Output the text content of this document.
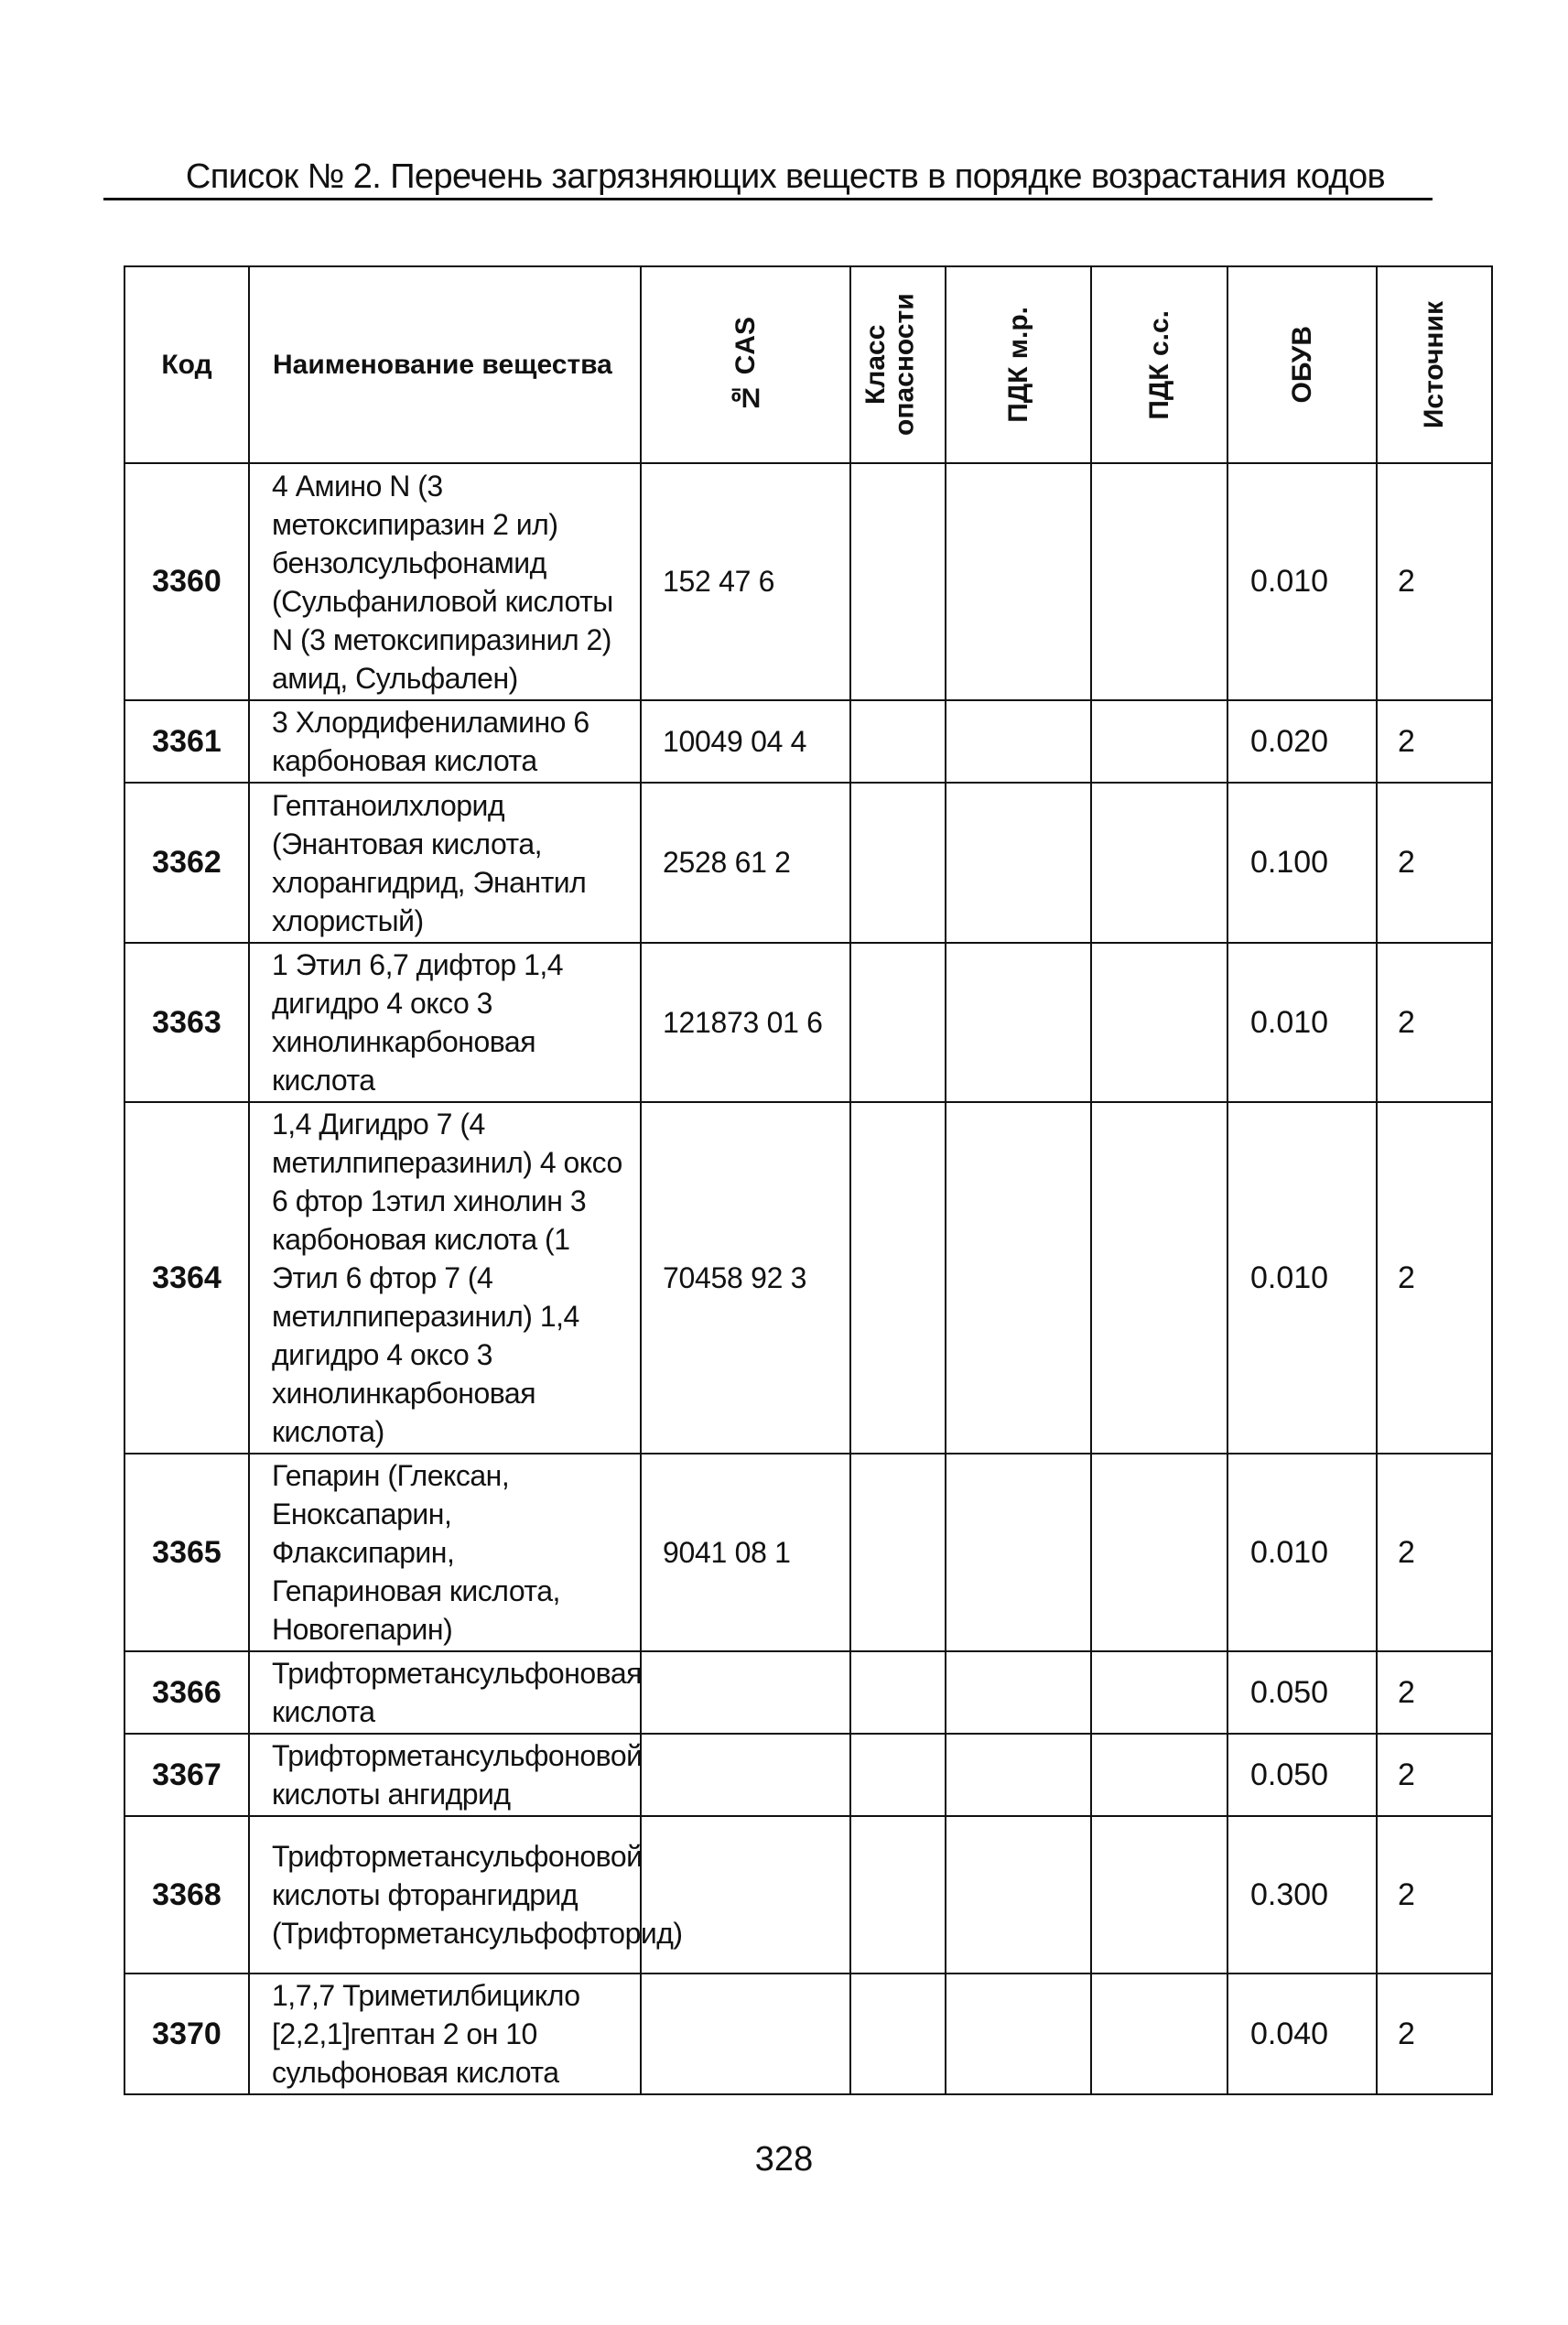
Список № 2. Перечень загрязняющих веществ в порядке возрастания кодов
Код	Наименование вещества	№ CAS	Класс опасности	ПДК м.р.	ПДК с.с.	ОБУВ	Источник

3360	4 Амино N (3 метоксипиразин 2 ил) бензолсульфонамид (Сульфаниловой кислоты N (3 метоксипиразинил 2) амид, Сульфален)	152 47 6				0.010	2
3361	3 Хлордифениламино 6 карбоновая кислота	10049 04 4				0.020	2
3362	Гептаноилхлорид (Энантовая кислота, хлорангидрид, Энантил хлористый)	2528 61 2				0.100	2
3363	1 Этил 6,7 дифтор 1,4 дигидро 4 оксо 3 хинолинкарбоновая кислота	121873 01 6				0.010	2
3364	1,4 Дигидро 7 (4 метилпиперазинил) 4 оксо 6 фтор 1этил хинолин 3 карбоновая кислота (1 Этил 6 фтор 7 (4 метилпиперазинил) 1,4 дигидро 4 оксо 3 хинолинкарбоновая кислота)	70458 92 3				0.010	2
3365	Гепарин (Глексан, Еноксапарин, Флаксипарин, Гепариновая кислота, Новогепарин)	9041 08 1				0.010	2
3366	Трифторметансульфоновая кислота					0.050	2
3367	Трифторметансульфоновой кислоты ангидрид					0.050	2
3368	Трифторметансульфоновой кислоты фторангидрид (Трифторметансульфофторид)					0.300	2
3370	1,7,7 Триметилбицикло [2,2,1]гептан 2 он 10 сульфоновая кислота					0.040	2
328
